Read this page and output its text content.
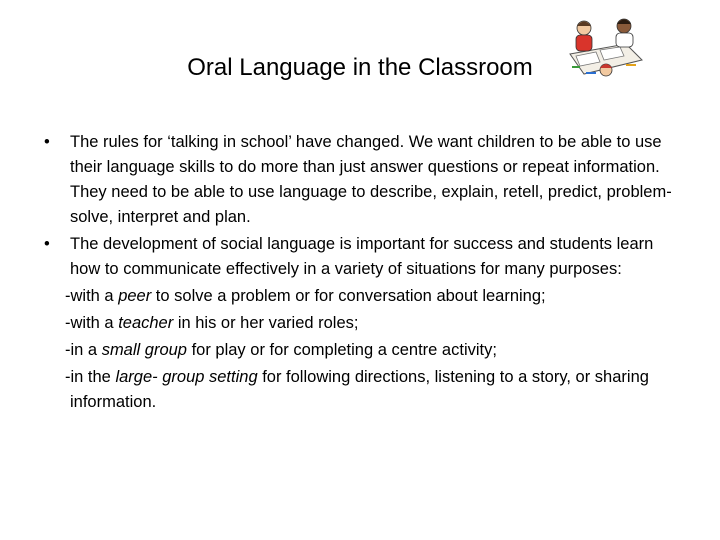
Oral Language in the Classroom
• The rules for ‘talking in school’ have changed. We want children to be able to use their language skills to do more than just answer questions or repeat information. They need to be able to use language to describe, explain, retell, predict, problem-solve, interpret and plan.
• The development of social language is important for success and students learn how to communicate effectively in a variety of situations for many purposes:
-with a peer to solve a problem or for conversation about learning;
-with a teacher in his or her varied roles;
-in a small group for play or for completing a centre activity;
-in the large- group setting for following directions, listening to a story, or sharing information.
